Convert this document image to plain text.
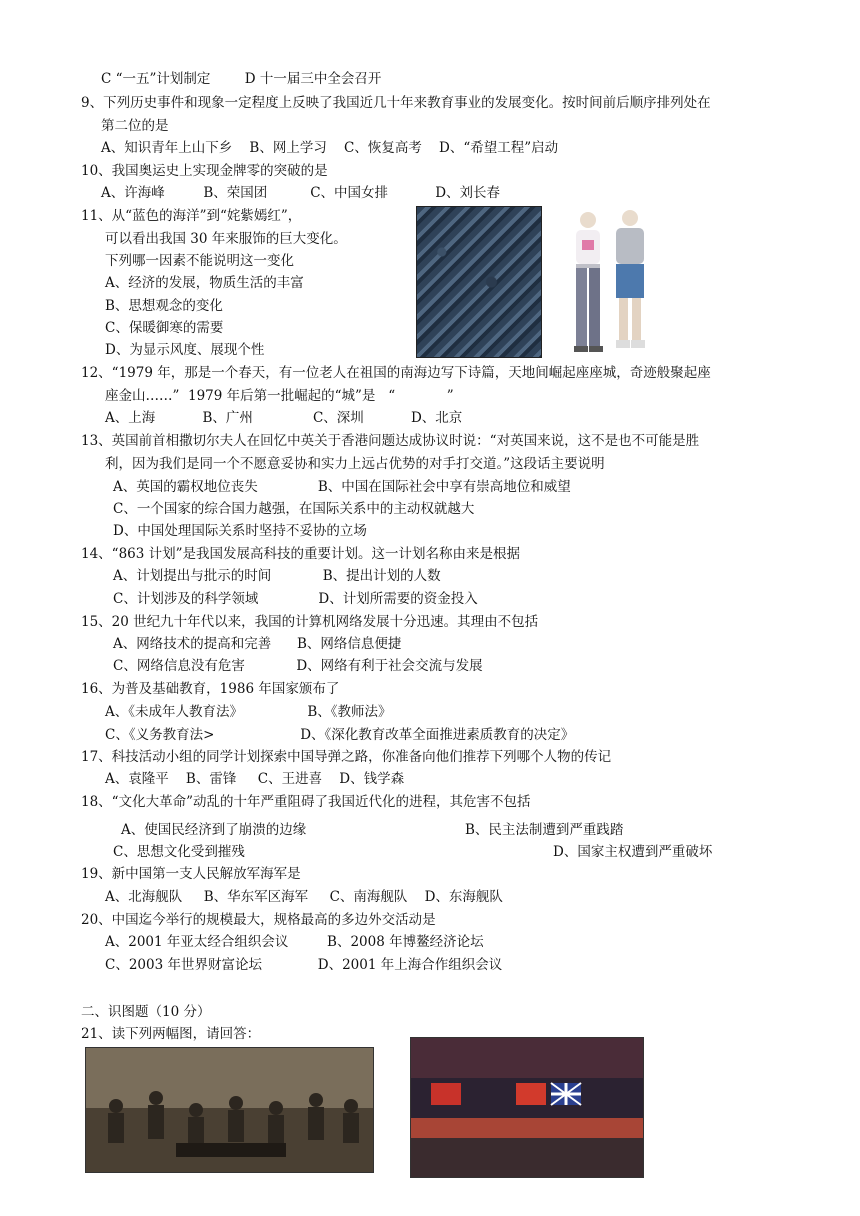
C “一五”计划制定        D 十一届三中全会召开
9、下列历史事件和现象一定程度上反映了我国近几十年来教育事业的发展变化。按时间前后顺序排列处在
第二位的是
A、知识青年上山下乡    B、网上学习    C、恢复高考    D、“希望工程”启动
10、我国奥运史上实现金牌零的突破的是
A、许海峰         B、荣国团          C、中国女排           D、刘长春
11、从“蓝色的海洋”到“姹紫嫣红”，
可以看出我国 30 年来服饰的巨大变化。
下列哪一因素不能说明这一变化
A、经济的发展，物质生活的丰富
B、思想观念的变化
C、保暖御寒的需要
D、为显示风度、展现个性
12、“1979 年，那是一个春天，有一位老人在祖国的南海边写下诗篇，天地间崛起座座城，奇迹般聚起座
座金山……”  1979 年后第一批崛起的“城”是   “            ”
A、上海           B、广州              C、深圳           D、北京
13、英国前首相撒切尔夫人在回忆中英关于香港问题达成协议时说：“对英国来说，这不是也不可能是胜
利，因为我们是同一个不愿意妥协和实力上远占优势的对手打交道。”这段话主要说明
A、英国的霸权地位丧失              B、中国在国际社会中享有崇高地位和威望
C、一个国家的综合国力越强，在国际关系中的主动权就越大
D、中国处理国际关系时坚持不妥协的立场
14、“863 计划”是我国发展高科技的重要计划。这一计划名称由来是根据
A、计划提出与批示的时间            B、提出计划的人数
C、计划涉及的科学领域              D、计划所需要的资金投入
15、20 世纪九十年代以来，我国的计算机网络发展十分迅速。其理由不包括
A、网络技术的提高和完善      B、网络信息便捷
C、网络信息没有危害            D、网络有利于社会交流与发展
16、为普及基础教育，1986 年国家颁布了
A、《未成年人教育法》               B、《教师法》
C、《义务教育法>                    D、《深化教育改革全面推进素质教育的决定》
17、科技活动小组的同学计划探索中国导弹之路，你准备向他们推荐下列哪个人物的传记
A、袁隆平    B、雷锋     C、王进喜    D、钱学森
18、“文化大革命”动乱的十年严重阻碍了我国近代化的进程，其危害不包括
A、使国民经济到了崩溃的边缘	B、民主法制遭到严重践踏
C、思想文化受到摧残	D、国家主权遭到严重破坏
19、新中国第一支人民解放军海军是
A、北海舰队     B、华东军区海军     C、南海舰队    D、东海舰队
20、中国迄今举行的规模最大，规格最高的多边外交活动是
A、2001 年亚太经合组织会议         B、2008 年博鳌经济论坛
C、2003 年世界财富论坛             D、2001 年上海合作组织会议
二、识图题（10 分）
21、读下列两幅图，请回答：
